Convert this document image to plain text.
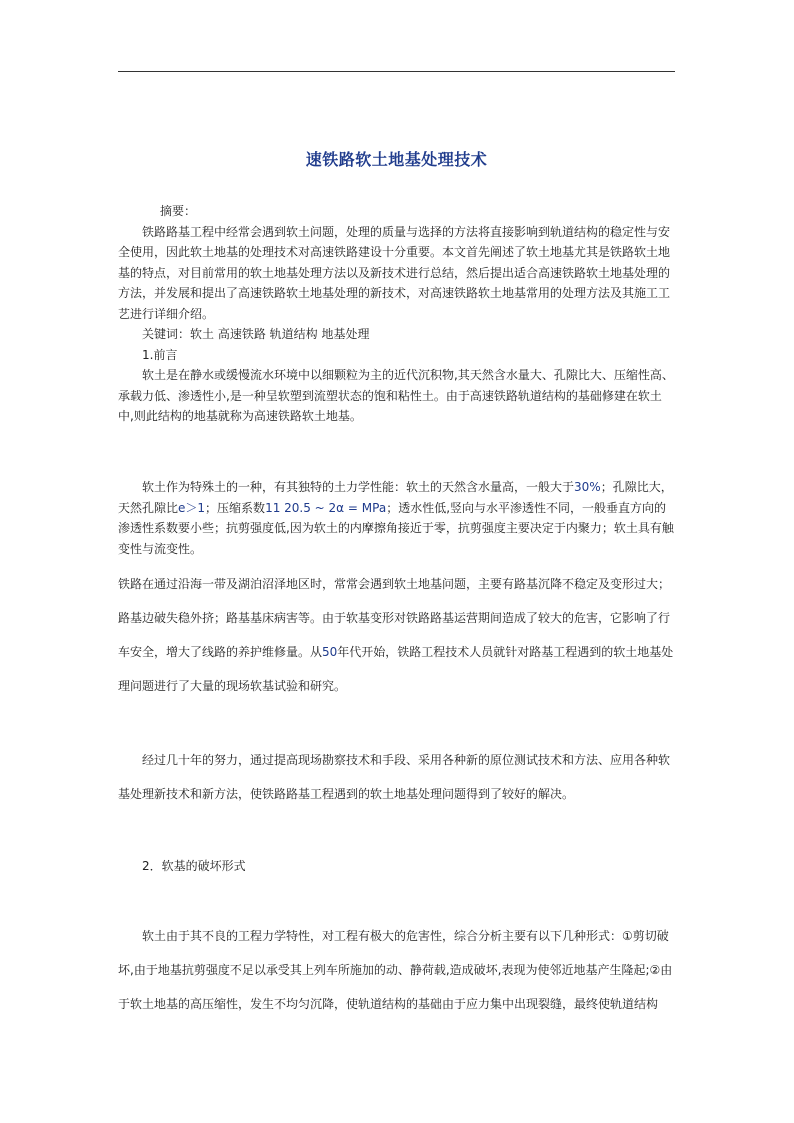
速铁路软土地基处理技术

摘要：

铁路路基工程中经常会遇到软土问题，处理的质量与选择的方法将直接影响到轨道结构的稳定性与安全使用，因此软土地基的处理技术对高速铁路建设十分重要。本文首先阐述了软土地基尤其是铁路软土地基的特点，对目前常用的软土地基处理方法以及新技术进行总结，然后提出适合高速铁路软土地基处理的方法，并发展和提出了高速铁路软土地基处理的新技术，对高速铁路软土地基常用的处理方法及其施工工艺进行详细介绍。

关键词：软土 高速铁路 轨道结构 地基处理

1.前言

软土是在静水或缓慢流水环境中以细颗粒为主的近代沉积物,其天然含水量大、孔隙比大、压缩性高、承载力低、渗透性小,是一种呈软塑到流塑状态的饱和粘性土。由于高速铁路轨道结构的基础修建在软土中,则此结构的地基就称为高速铁路软土地基。

软土作为特殊土的一种，有其独特的土力学性能：软土的天然含水量高，一般大于30%；孔隙比大，天然孔隙比e＞1；压缩系数11 20.5 ~ 2α = MPa；透水性低,竖向与水平渗透性不同，一般垂直方向的渗透性系数要小些；抗剪强度低,因为软土的内摩擦角接近于零，抗剪强度主要决定于内聚力；软土具有触变性与流变性。

铁路在通过沿海一带及湖泊沼泽地区时，常常会遇到软土地基问题，主要有路基沉降不稳定及变形过大；路基边破失稳外挤；路基基床病害等。由于软基变形对铁路路基运营期间造成了较大的危害，它影响了行车安全，增大了线路的养护维修量。从50年代开始，铁路工程技术人员就针对路基工程遇到的软土地基处理问题进行了大量的现场软基试验和研究。

经过几十年的努力，通过提高现场勘察技术和手段、采用各种新的原位测试技术和方法、应用各种软基处理新技术和新方法，使铁路路基工程遇到的软土地基处理问题得到了较好的解决。

2．软基的破坏形式

软土由于其不良的工程力学特性，对工程有极大的危害性，综合分析主要有以下几种形式：①剪切破坏,由于地基抗剪强度不足以承受其上列车所施加的动、静荷载,造成破坏,表现为使邻近地基产生隆起;②由于软土地基的高压缩性，发生不均匀沉降，使轨道结构的基础由于应力集中出现裂缝，最终使轨道结构
